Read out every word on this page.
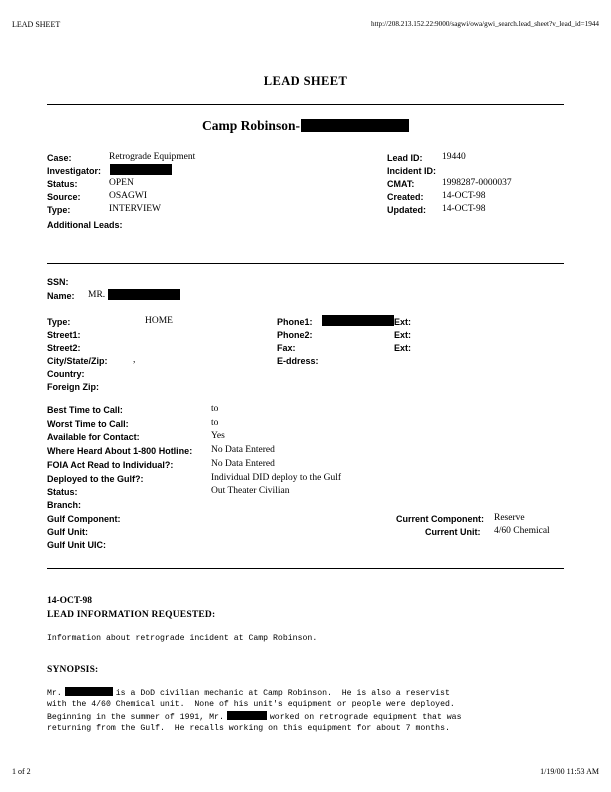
LEAD SHEET	http://208.213.152.22:9000/sagwi/owa/gwi_search.lead_sheet?v_lead_id=1944
LEAD SHEET
Camp Robinson-
Case:	Retrograde Equipment
Investigator:
Status:	OPEN
Source:	OSAGWI
Type:	INTERVIEW
Additional Leads:
Lead ID: 19440
Incident ID:
CMAT:	1998287-0000037
Created: 14-OCT-98
Updated: 14-OCT-98
SSN:
Name: MR.
Type:	HOME
Street1:
Street2:
City/State/Zip:	,
Country:
Foreign Zip:
Phone1:	Ext:
Phone2:	Ext:
Fax:	Ext:
E-ddress:
Best Time to Call:	to
Worst Time to Call:	to
Available for Contact:	Yes
Where Heard About 1-800 Hotline: No Data Entered
FOIA Act Read to Individual?:	No Data Entered
Deployed to the Gulf?:	Individual DID deploy to the Gulf
Status:	Out Theater Civilian
Branch:
Gulf Component:
Gulf Unit:
Gulf Unit UIC:
Current Component: Reserve
Current Unit: 4/60 Chemical
14-OCT-98
LEAD INFORMATION REQUESTED:
Information about retrograde incident at Camp Robinson.
SYNOPSIS:
Mr.	is a DoD civilian mechanic at Camp Robinson.  He is also a reservist
with the 4/60 Chemical unit.  None of his unit's equipment or people were deployed.
Beginning in the summer of 1991, Mr.	worked on retrograde equipment that was
returning from the Gulf.  He recalls working on this equipment for about 7 months.
1 of 2	1/19/00 11:53 AM
